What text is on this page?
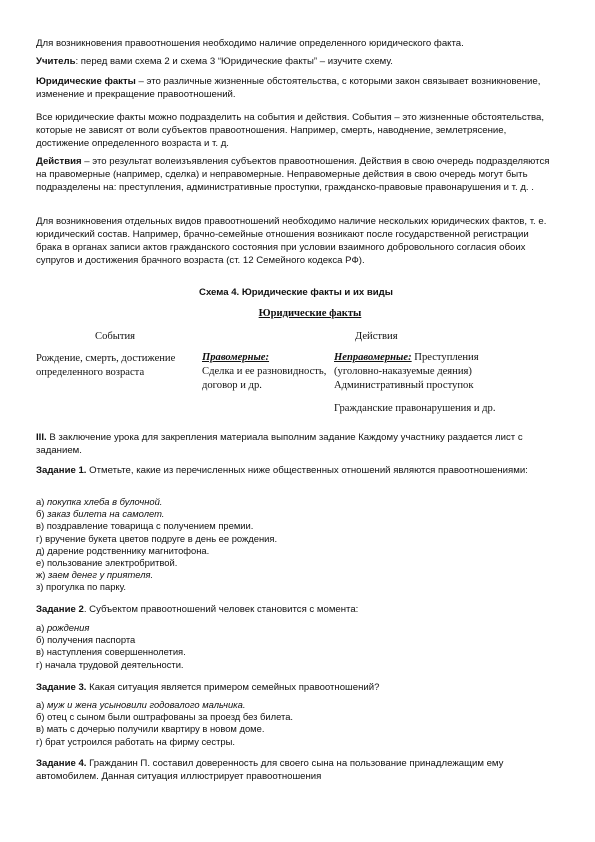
Для возникновения правоотношения необходимо наличие определенного юридического факта.

Учитель: перед вами схема 2 и схема 3 “Юридические факты” – изучите схему.

Юридические факты – это различные жизненные обстоятельства, с которыми закон связывает возникновение, изменение и прекращение правоотношений.

Все юридические факты можно подразделить на события и действия. События – это жизненные обстоятельства, которые не зависят от воли субъектов правоотношения. Например, смерть, наводнение, землетрясение, достижение определенного возраста и т. д.

Действия – это результат волеизъявления субъектов правоотношения. Действия в свою очередь подразделяются на правомерные (например, сделка) и неправомерные. Неправомерные действия в свою очередь могут быть подразделены на: преступления, административные проступки, гражданско-правовые правонарушения и т. д. .

Для возникновения отдельных видов правоотношений необходимо наличие нескольких юридических фактов, т. е. юридический состав. Например, брачно-семейные отношения возникают после государственной регистрации брака в органах записи актов гражданского состояния при условии взаимного добровольного согласия обоих супругов и достижения брачного возраста (ст. 12 Семейного кодекса РФ).

Схема 4. Юридические факты и их виды

Юридические факты

События	Действия

Рождение, смерть, достижение определенного возраста

Правомерные:
Сделка и ее разновидность, договор и др.

Неправомерные: Преступления
(уголовно-наказуемые деяния)
Административный проступок
Гражданские правонарушения и др.

III. В заключение урока для закрепления материала выполним задание Каждому участнику раздается лист с заданием.

Задание 1. Отметьте, какие из перечисленных ниже общественных отношений являются правоотношениями:

а) покупка хлеба в булочной.
б) заказ билета на самолет.
в) поздравление товарища с получением премии.
г) вручение букета цветов подруге в день ее рождения.
д) дарение родственнику магнитофона.
е) пользование электробритвой.
ж) заем денег у приятеля.
з) прогулка по парку.

Задание 2. Субъектом правоотношений человек становится с момента:

а) рождения
б) получения паспорта
в) наступления совершеннолетия.
г) начала трудовой деятельности.

Задание 3. Какая ситуация является примером семейных правоотношений?

а) муж и жена усыновили годовалого мальчика.
б) отец с сыном были оштрафованы за проезд без билета.
в) мать с дочерью получили квартиру в новом доме.
г) брат устроился работать на фирму сестры.

Задание 4. Гражданин П. составил доверенность для своего сына на пользование принадлежащим ему автомобилем. Данная ситуация иллюстрирует правоотношения
